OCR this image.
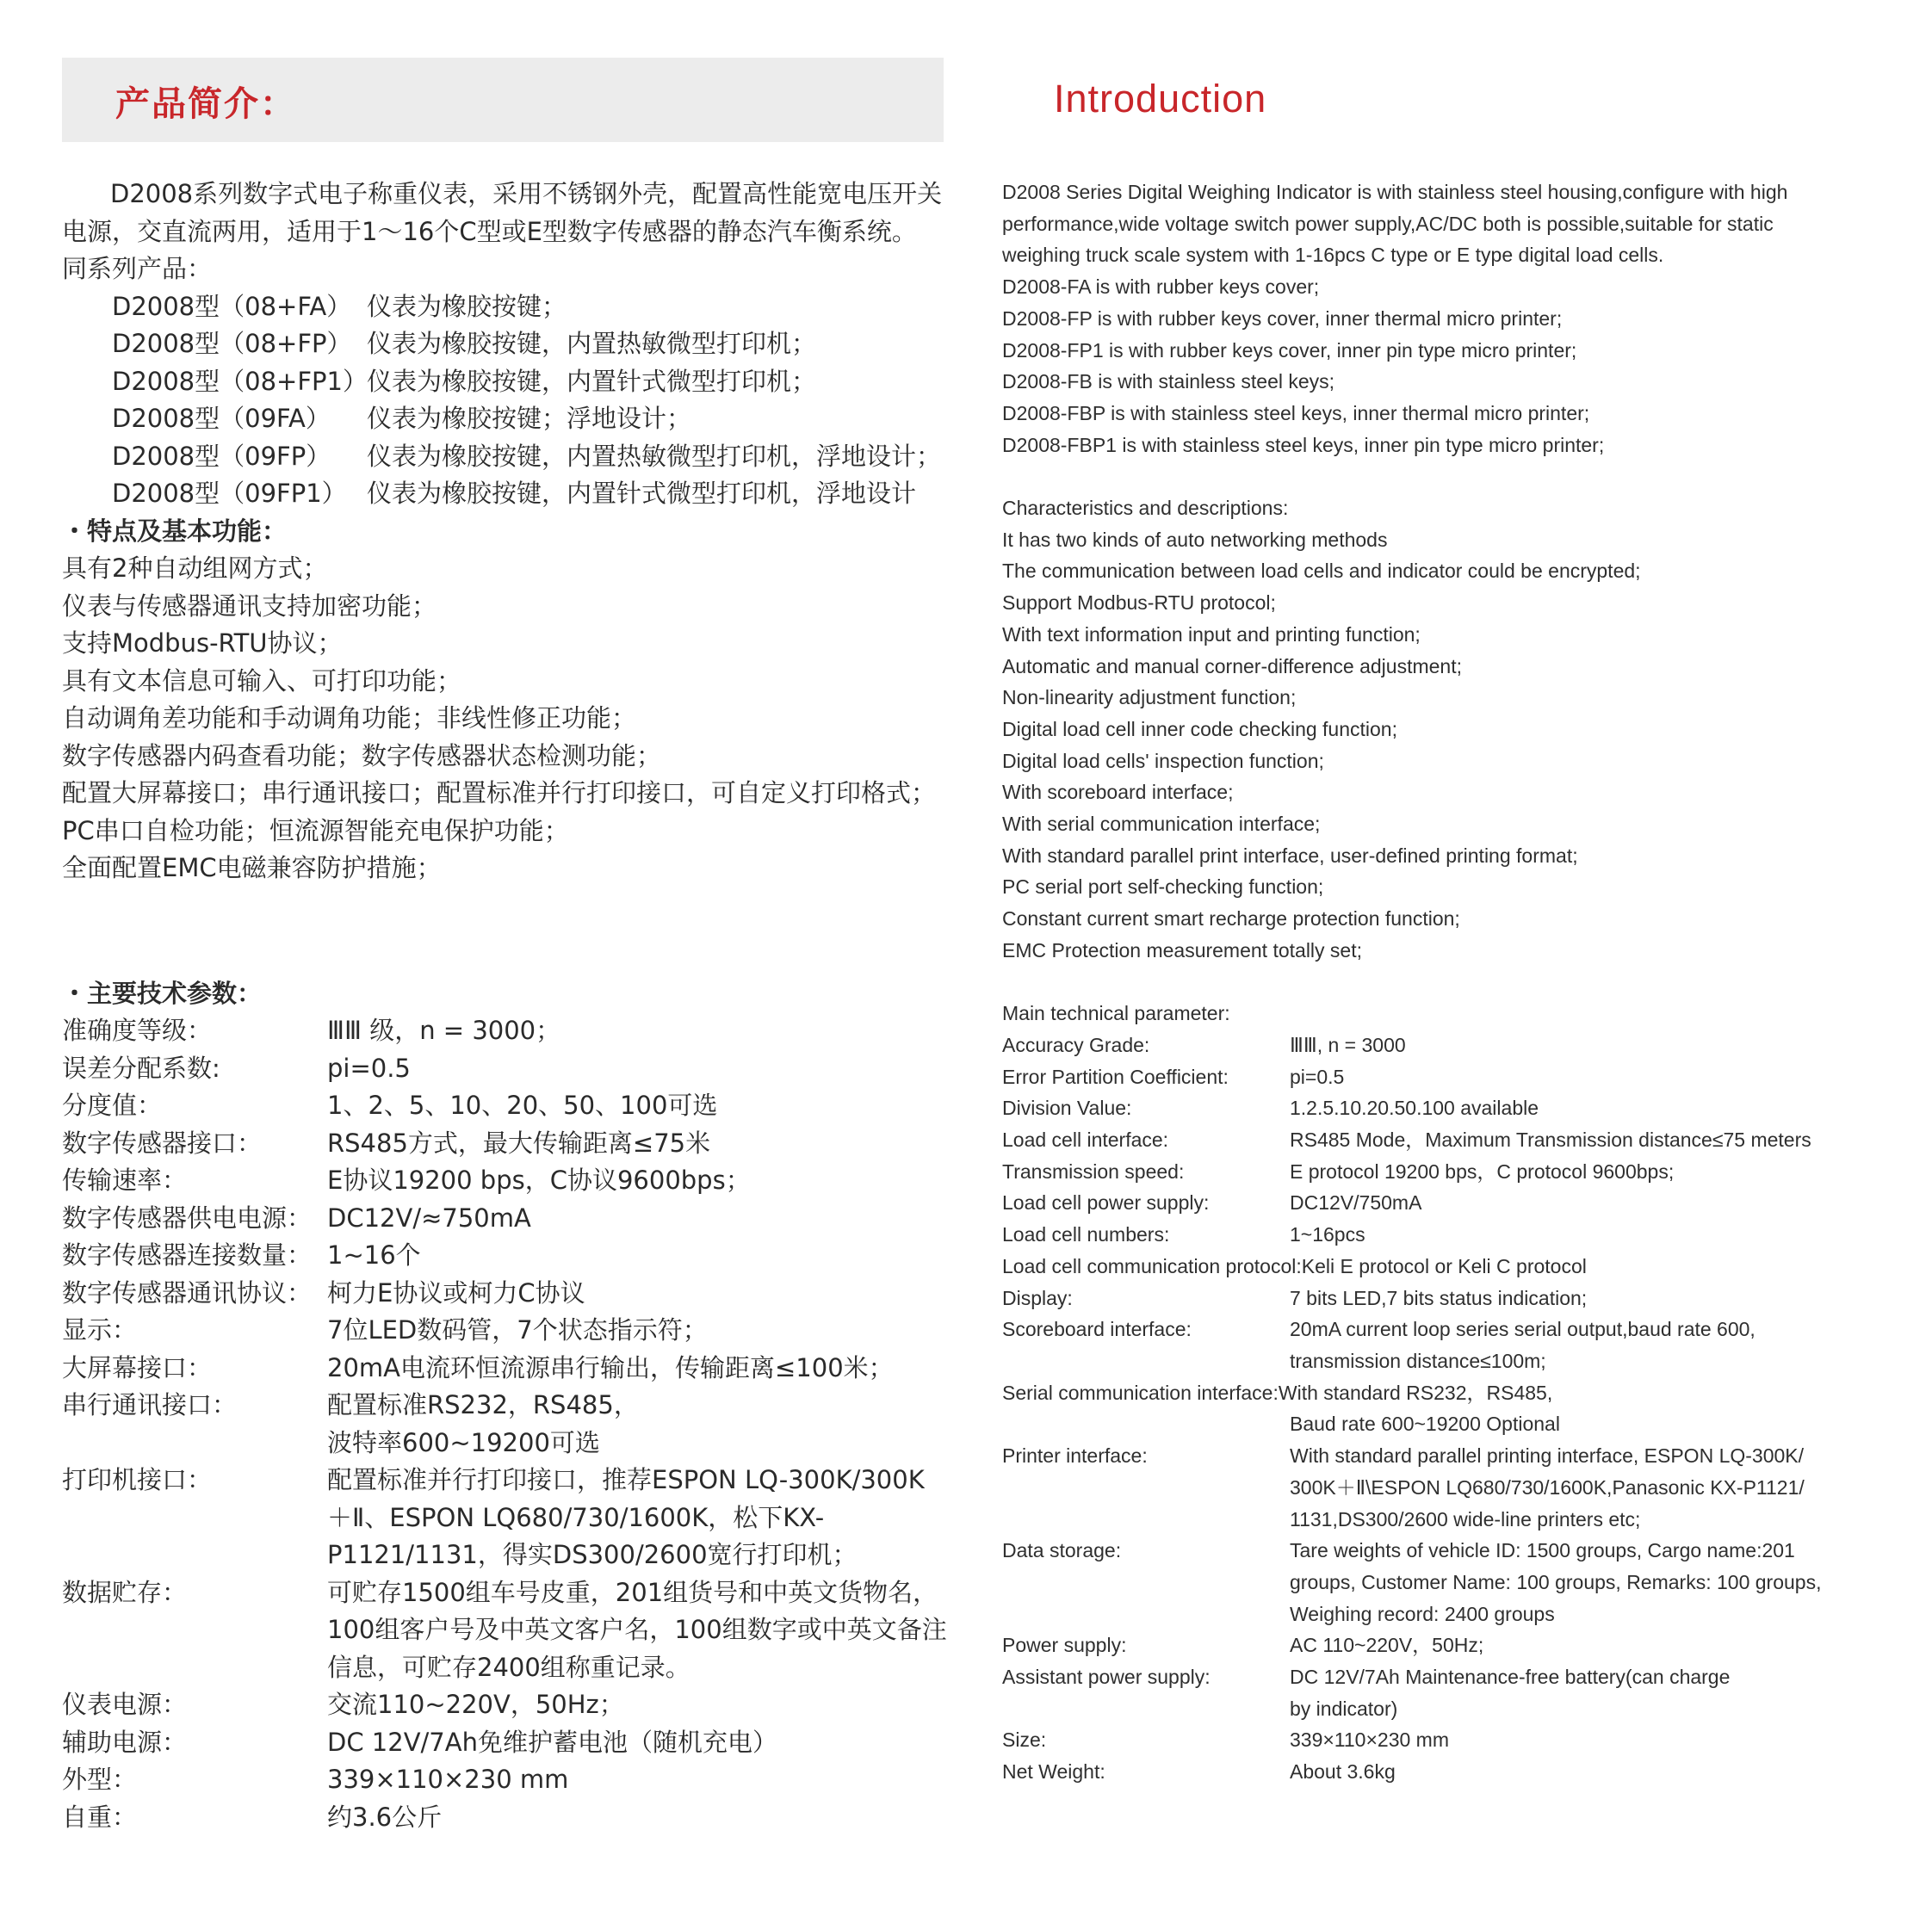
产品简介：	Introduction

D2008系列数字式电子称重仪表，采用不锈钢外壳，配置高性能宽电压开关

电源，交直流两用，适用于1～16个C型或E型数字传感器的静态汽车衡系统。

同系列产品：

D2008型（08+FA） 仪表为橡胶按键；

D2008型（08+FP） 仪表为橡胶按键，内置热敏微型打印机；

D2008型（08+FP1）仪表为橡胶按键，内置针式微型打印机；

D2008型（09FA） 仪表为橡胶按键；浮地设计；

D2008型（09FP） 仪表为橡胶按键，内置热敏微型打印机，浮地设计；

D2008型（09FP1） 仪表为橡胶按键，内置针式微型打印机，浮地设计

・特点及基本功能：

具有2种自动组网方式；

仪表与传感器通讯支持加密功能；

支持Modbus-RTU协议；

具有文本信息可输入、可打印功能；

自动调角差功能和手动调角功能；非线性修正功能；

数字传感器内码查看功能；数字传感器状态检测功能；

配置大屏幕接口；串行通讯接口；配置标准并行打印接口，可自定义打印格式；

PC串口自检功能；恒流源智能充电保护功能；

全面配置EMC电磁兼容防护措施；

・主要技术参数：

准确度等级：	ⅢⅢ 级，n = 3000；
误差分配系数:	pi=0.5
分度值：	1、2、5、10、20、50、100可选
数字传感器接口：	RS485方式，最大传输距离≤75米
传输速率：	E协议19200 bps，C协议9600bps；
数字传感器供电电源： DC12V/≈750mA
数字传感器连接数量： 1~16个
数字传感器通讯协议： 柯力E协议或柯力C协议
显示：	7位LED数码管，7个状态指示符；
大屏幕接口：	20mA电流环恒流源串行输出，传输距离≤100米；
串行通讯接口：	配置标准RS232，RS485，
波特率600~19200可选
打印机接口：	配置标准并行打印接口，推荐ESPON LQ-300K/300K＋Ⅱ、ESPON LQ680/730/1600K，松下KX-P1121/1131，得实DS300/2600宽行打印机；
数据贮存：	可贮存1500组车号皮重，201组货号和中英文货物名，100组客户号及中英文客户名，100组数字或中英文备注信息，可贮存2400组称重记录。
仪表电源：	交流110~220V，50Hz；
辅助电源：	DC 12V/7Ah免维护蓄电池（随机充电）
外型：	339×110×230 mm
自重：	约3.6公斤

D2008 Series Digital Weighing Indicator is with stainless steel housing,configure with high

performance,wide voltage switch power supply,AC/DC both is possible,suitable for static

weighing truck scale system with 1-16pcs C type or E type digital load cells.

D2008-FA is with rubber keys cover;

D2008-FP is with rubber keys cover, inner thermal micro printer;

D2008-FP1 is with rubber keys cover, inner pin type micro printer;

D2008-FB is with stainless steel keys;

D2008-FBP is with stainless steel keys, inner thermal micro printer;

D2008-FBP1 is with stainless steel keys, inner pin type micro printer;

Characteristics and descriptions:

It has two kinds of auto networking methods

The communication between load cells and indicator could be encrypted;

Support Modbus-RTU protocol;

With text information input and printing function;

Automatic and manual corner-difference adjustment;

Non-linearity adjustment function;

Digital load cell inner code checking function;

Digital load cells' inspection function;

With scoreboard interface;

With serial communication interface;

With standard parallel print interface, user-defined printing format;

PC serial port self-checking function;

Constant current smart recharge protection function;

EMC Protection measurement totally set;

Main technical parameter:

Accuracy Grade:	ⅢⅢ, n = 3000
Error Partition Coefficient:	pi=0.5
Division Value:	1.2.5.10.20.50.100 available
Load cell interface:	RS485 Mode，Maximum Transmission distance≤75 meters
Transmission speed:	E protocol 19200 bps，C protocol 9600bps;
Load cell power supply:	DC12V/750mA
Load cell numbers:	1~16pcs

Load cell communication protocol:Keli E protocol or Keli C protocol

Display:	7 bits LED,7 bits status indication;
Scoreboard interface:	20mA current loop series serial output,baud rate 600,
transmission distance≤100m;

Serial communication interface:With standard RS232，RS485,

Baud rate 600~19200 Optional

Printer interface:	With standard parallel printing interface, ESPON LQ-300K/
300K＋Ⅱ\ESPON LQ680/730/1600K,Panasonic KX-P1121/
1131,DS300/2600 wide-line printers etc;
Data storage:	Tare weights of vehicle ID: 1500 groups, Cargo name:201
groups, Customer Name: 100 groups, Remarks: 100 groups,
Weighing record: 2400 groups
Power supply:	AC 110~220V，50Hz;
Assistant power supply:	DC 12V/7Ah Maintenance-free battery(can charge
by indicator)
Size:	339×110×230 mm
Net Weight:	About 3.6kg
